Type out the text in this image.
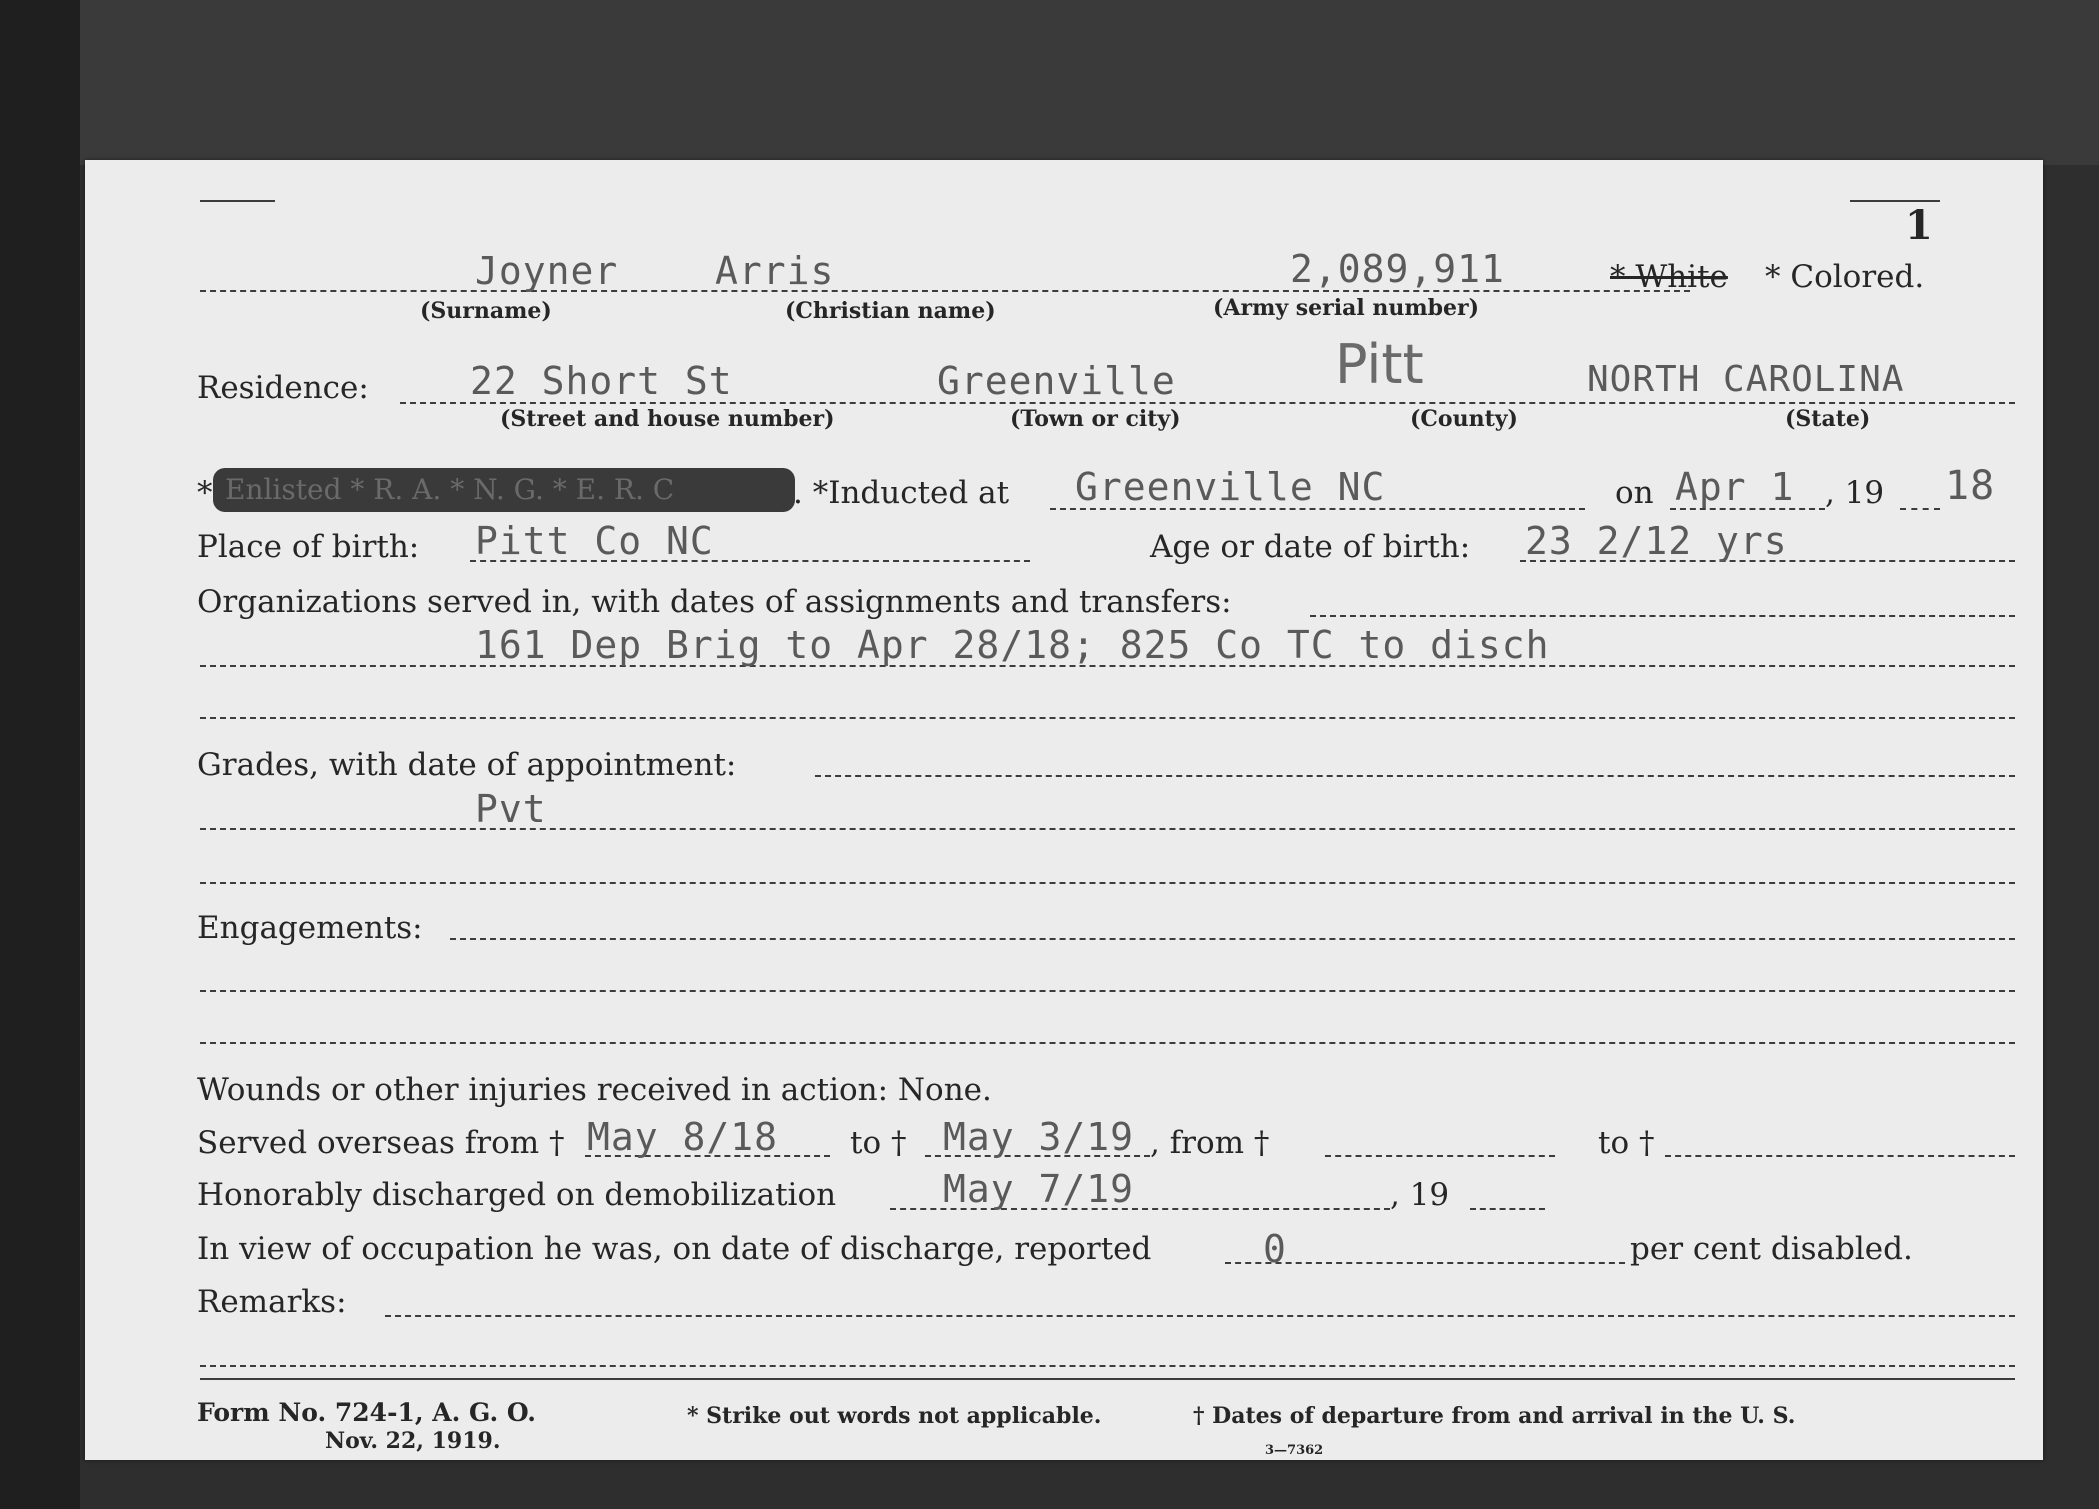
1
Joyner	Arris	2,089,911	* White * Colored.
(Surname)	(Christian name)	(Army serial number)
Residence:	22 Short St	Greenville	Pitt	NORTH CAROLINA
(Street and house number)	(Town or city)	(County)	(State)
* Enlisted * R. A. * N. G. * E. R. C	. *Inducted at Greenville NC	on Apr 1 , 19 18
Place of birth: Pitt Co NC	Age or date of birth: 23 2/12 yrs
Organizations served in, with dates of assignments and transfers:
161 Dep Brig to Apr 28/18; 825 Co TC to disch
Grades, with date of appointment:
Pvt
Engagements:
Wounds or other injuries received in action: None.
Served overseas from † May 8/18 to † May 3/19 , from †	to †
Honorably discharged on demobilization	May 7/19	, 19
In view of occupation he was, on date of discharge, reported	0	per cent disabled.
Remarks:
Form No. 724-1, A. G. O.
Nov. 22, 1919.
* Strike out words not applicable.	† Dates of departure from and arrival in the U. S.
3—7362
